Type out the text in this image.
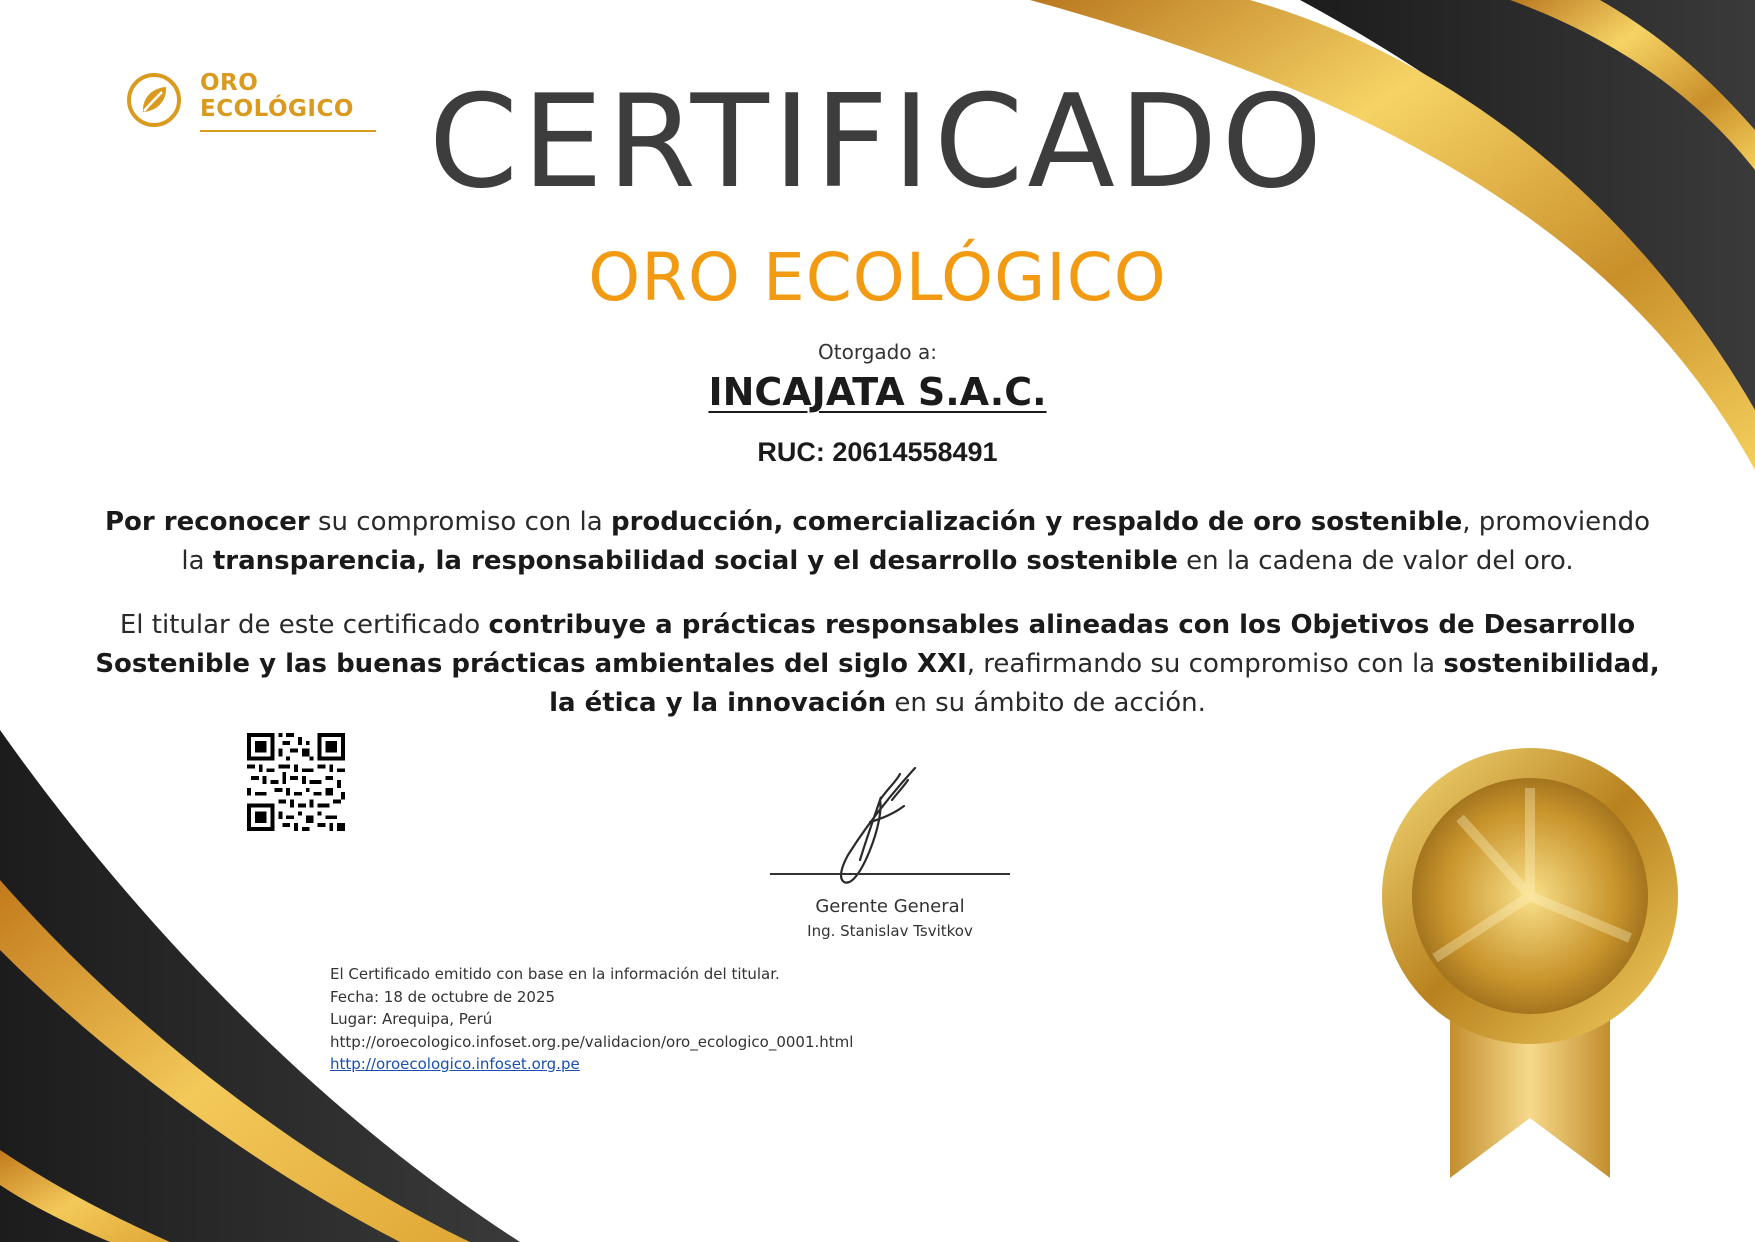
ORO
ECOLÓGICO CERTIFICADO
ORO ECOLÓGICO
Otorgado a:
INCAJATA S.A.C.
RUC: 20614558491
Por reconocer su compromiso con la producción, comercialización y respaldo de oro sostenible, promoviendo la transparencia, la responsabilidad social y el desarrollo sostenible en la cadena de valor del oro.
El titular de este certificado contribuye a prácticas responsables alineadas con los Objetivos de Desarrollo Sostenible y las buenas prácticas ambientales del siglo XXI, reafirmando su compromiso con la sostenibilidad, la ética y la innovación en su ámbito de acción.
Gerente General
Ing. Stanislav Tsvitkov
El Certificado emitido con base en la información del titular.
Fecha: 18 de octubre de 2025
Lugar: Arequipa, Perú
http://oroecologico.infoset.org.pe/validacion/oro_ecologico_0001.html
http://oroecologico.infoset.org.pe
